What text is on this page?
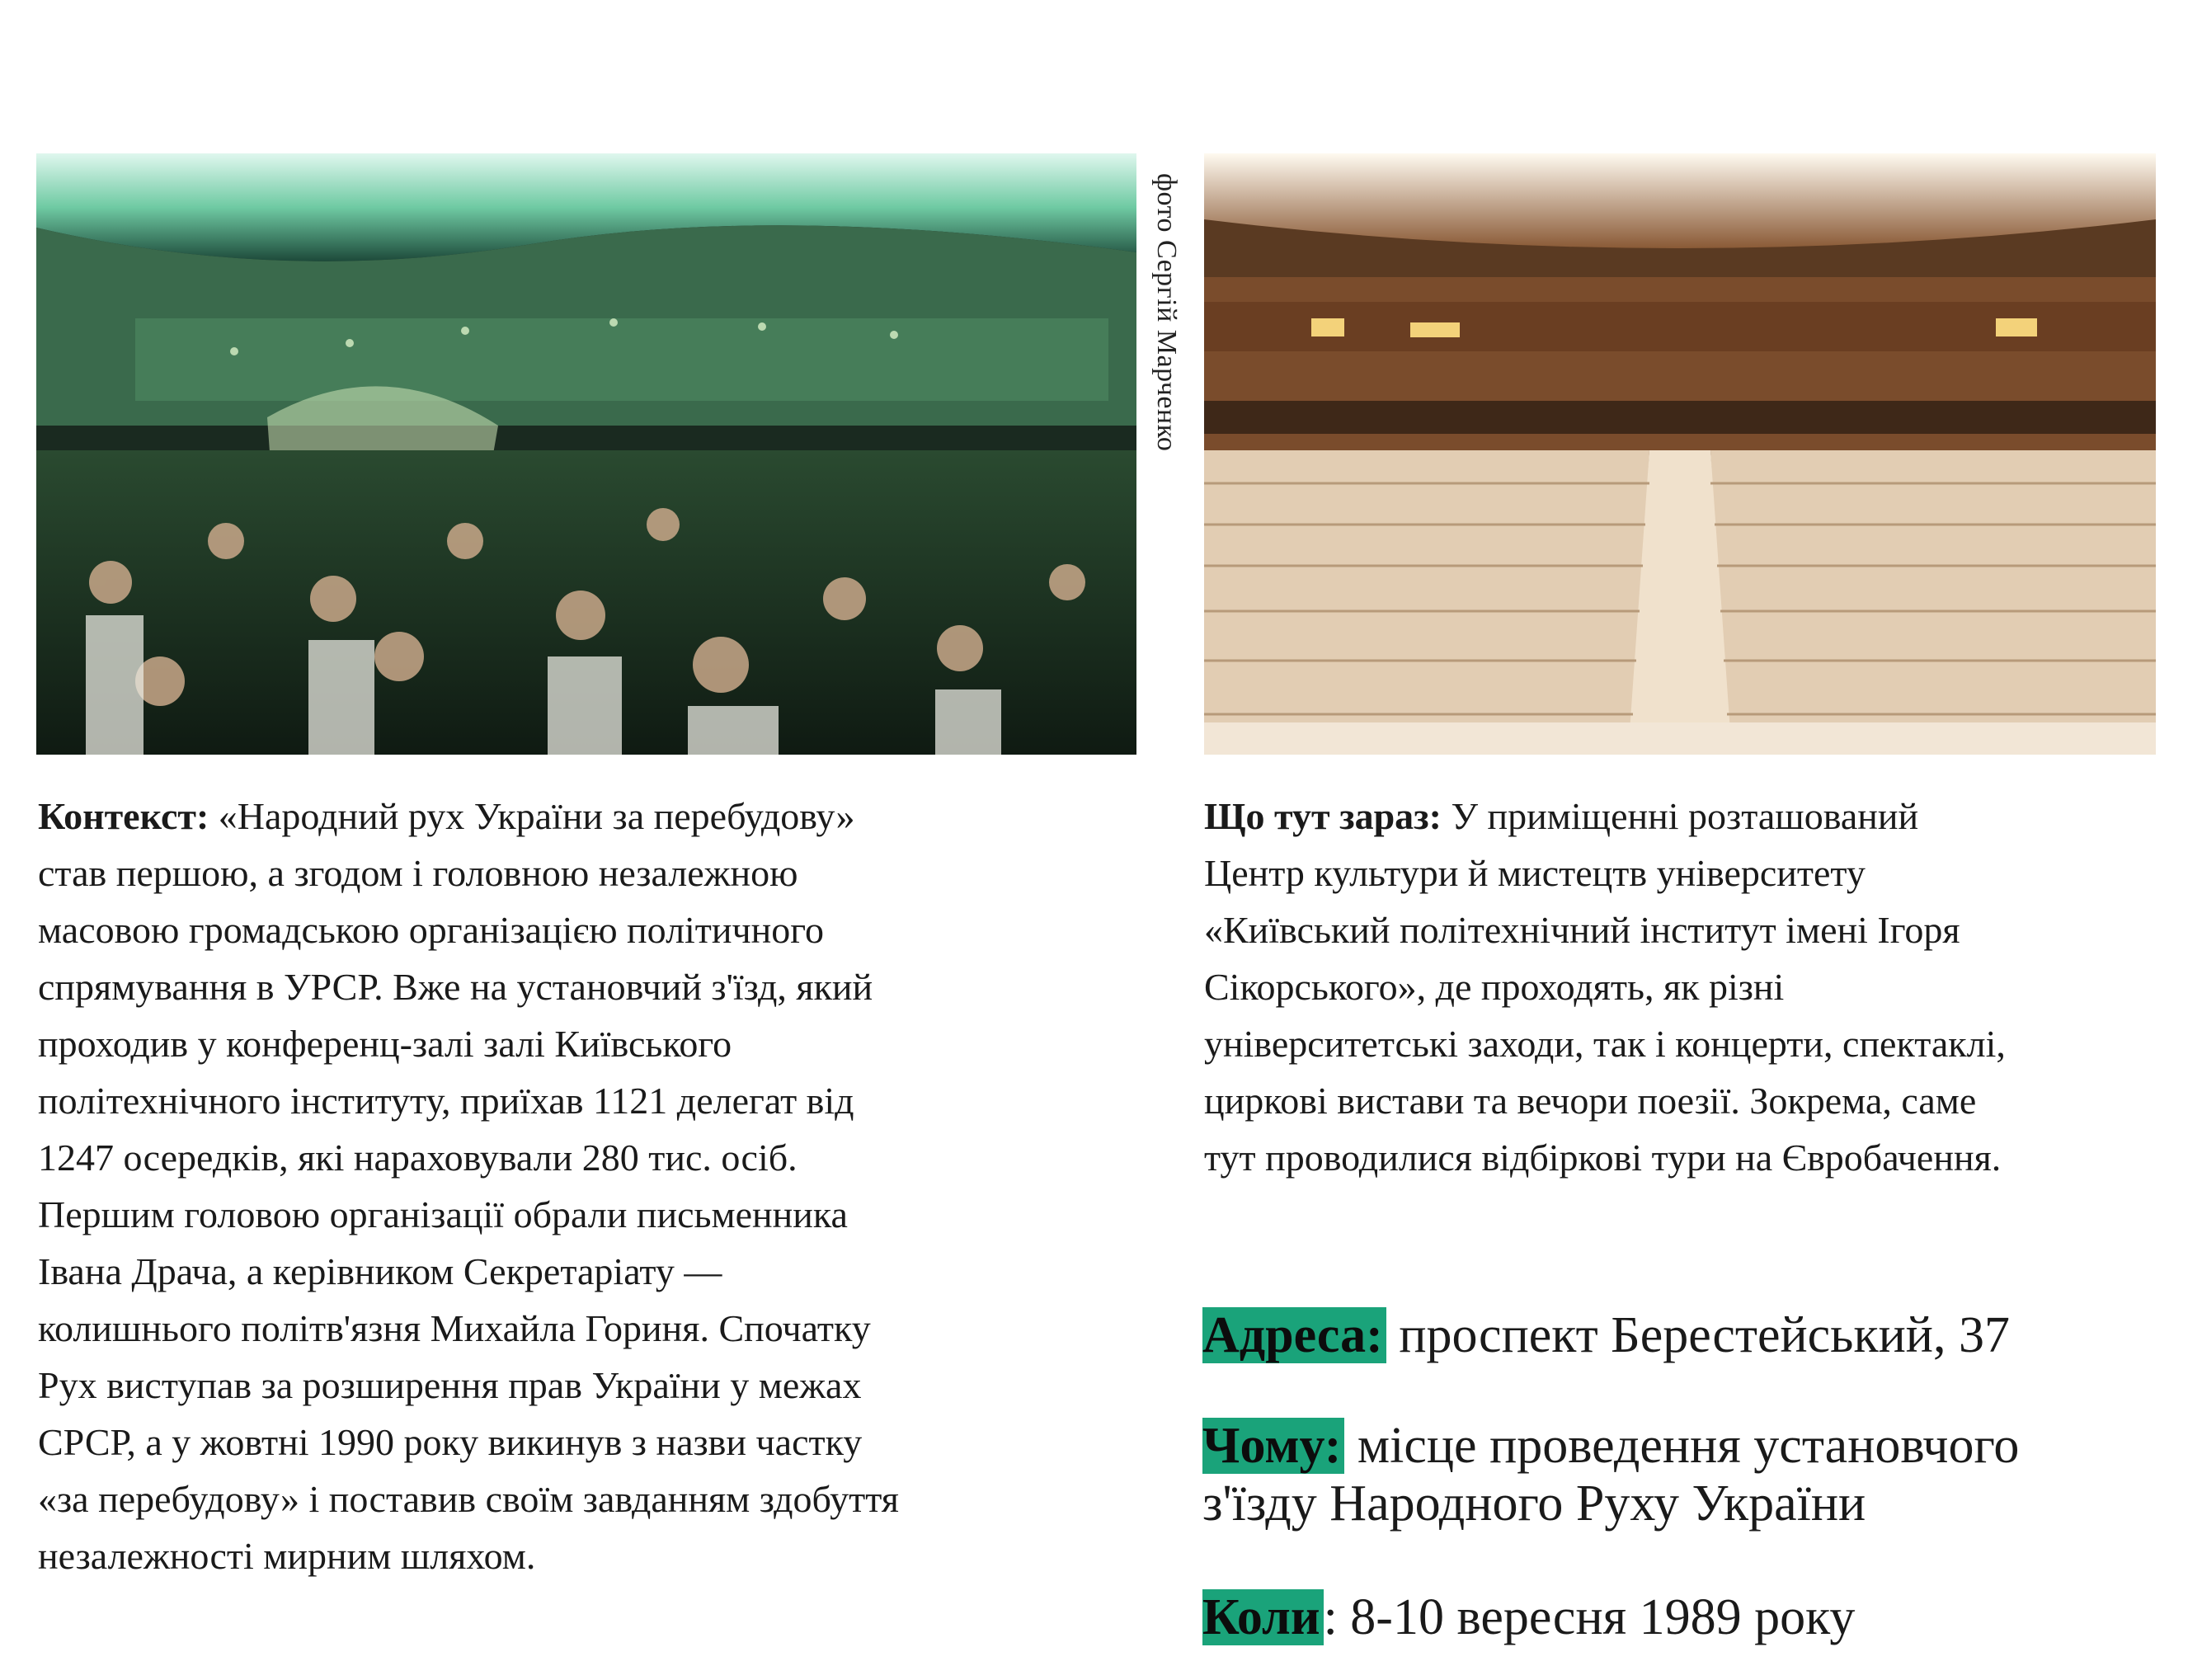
фото Сергій Марченко
Контекст: «Народний рух України за перебудову»
став першою, а згодом і головною незалежною
масовою громадською організацією політичного
спрямування в УРСР. Вже на установчий з'їзд, який
проходив у конференц-залі залі Київського
політехнічного інституту, приїхав 1121 делегат від
1247 осередків, які нараховували 280 тис. осіб.
Першим головою організації обрали письменника
Івана Драча, а керівником Секретаріату —
колишнього політв'язня Михайла Гориня. Спочатку
Рух виступав за розширення прав України у межах
СРСР, а у жовтні 1990 року викинув з назви частку
«за перебудову» і поставив своїм завданням здобуття
незалежності мирним шляхом.
Що тут зараз: У приміщенні розташований
Центр культури й мистецтв університету
«Київський політехнічний інститут імені Ігоря
Сікорського», де проходять, як різні
університетські заходи, так і концерти, спектаклі,
циркові вистави та вечори поезії. Зокрема, саме
тут проводилися відбіркові тури на Євробачення.
Адреса: проспект Берестейський, 37
Чому: місце проведення установчого
з'їзду Народного Руху України
Коли: 8-10 вересня 1989 року
